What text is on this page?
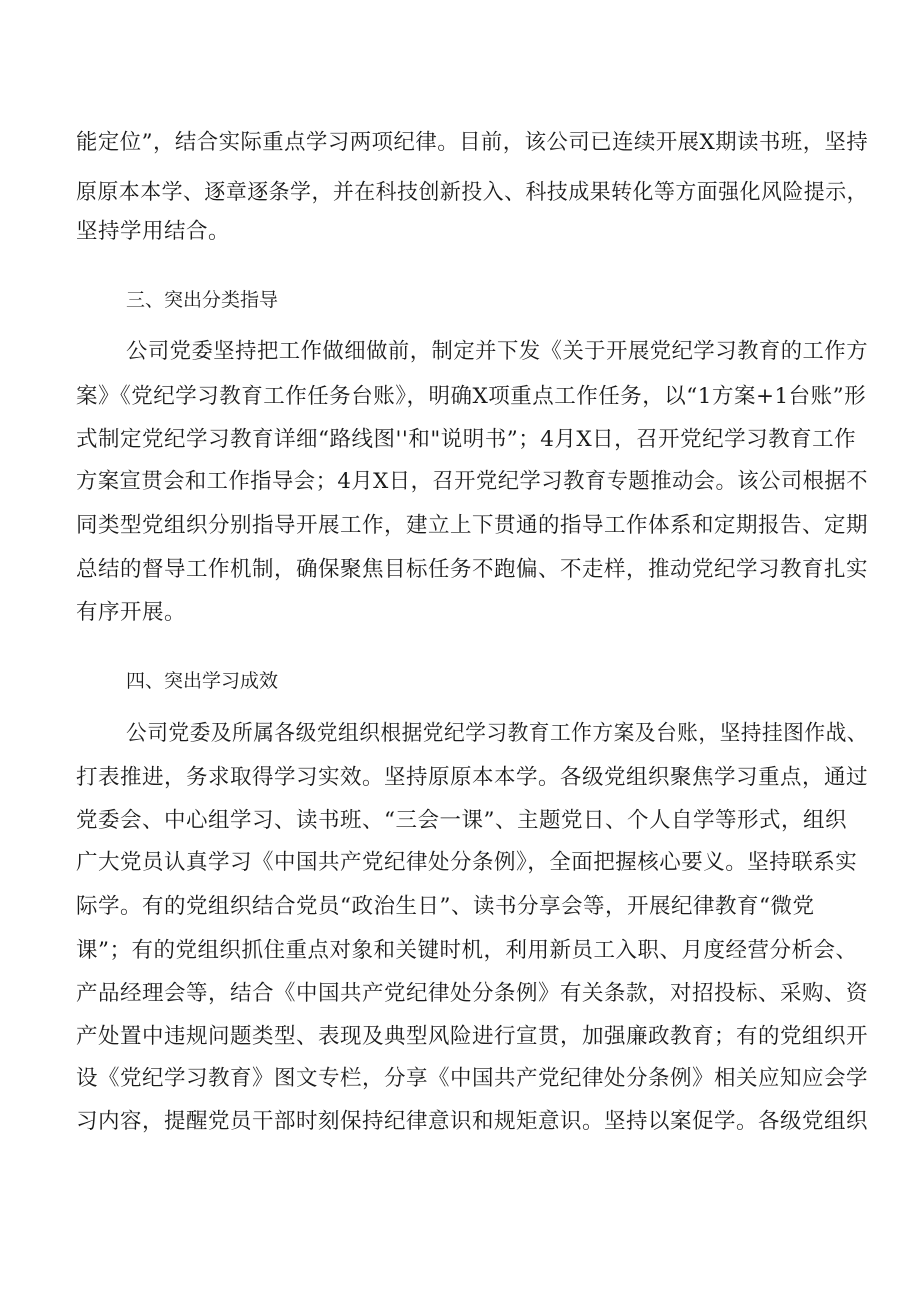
能定位”，结合实际重点学习两项纪律。目前，该公司已连续开展X期读书班，坚持
原原本本学、逐章逐条学，并在科技创新投入、科技成果转化等方面强化风险提示，
坚持学用结合。
三、突出分类指导
公司党委坚持把工作做细做前，制定并下发《关于开展党纪学习教育的工作方
案》《党纪学习教育工作任务台账》，明确X项重点工作任务，以“1方案+1台账”形
式制定党纪学习教育详细“路线图''和"说明书”；4月X日，召开党纪学习教育工作
方案宣贯会和工作指导会；4月X日，召开党纪学习教育专题推动会。该公司根据不
同类型党组织分别指导开展工作，建立上下贯通的指导工作体系和定期报告、定期
总结的督导工作机制，确保聚焦目标任务不跑偏、不走样，推动党纪学习教育扎实
有序开展。
四、突出学习成效
公司党委及所属各级党组织根据党纪学习教育工作方案及台账，坚持挂图作战、
打表推进，务求取得学习实效。坚持原原本本学。各级党组织聚焦学习重点，通过
党委会、中心组学习、读书班、“三会一课”、主题党日、个人自学等形式，组织
广大党员认真学习《中国共产党纪律处分条例》，全面把握核心要义。坚持联系实
际学。有的党组织结合党员“政治生日”、读书分享会等，开展纪律教育“微党
课”；有的党组织抓住重点对象和关键时机，利用新员工入职、月度经营分析会、
产品经理会等，结合《中国共产党纪律处分条例》有关条款，对招投标、采购、资
产处置中违规问题类型、表现及典型风险进行宣贯，加强廉政教育；有的党组织开
设《党纪学习教育》图文专栏，分享《中国共产党纪律处分条例》相关应知应会学
习内容，提醒党员干部时刻保持纪律意识和规矩意识。坚持以案促学。各级党组织
